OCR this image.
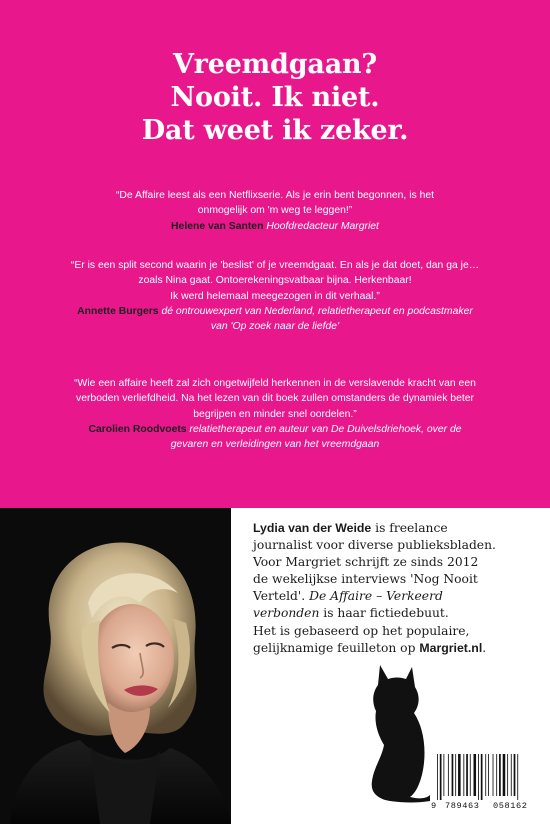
Vreemdgaan?
Nooit. Ik niet.
Dat weet ik zeker.
“De Affaire leest als een Netflixserie. Als je erin bent begonnen, is het
onmogelijk om 'm weg te leggen!”
Helene van Santen Hoofdredacteur Margriet
“Er is een split second waarin je 'beslist' of je vreemdgaat. En als je dat doet, dan ga je…
zoals Nina gaat. Ontoerekeningsvatbaar bijna. Herkenbaar!
Ik werd helemaal meegezogen in dit verhaal.”
Annette Burgers dé ontrouwexpert van Nederland, relatietherapeut en podcastmaker
van 'Op zoek naar de liefde'
“Wie een affaire heeft zal zich ongetwijfeld herkennen in de verslavende kracht van een
verboden verliefdheid. Na het lezen van dit boek zullen omstanders de dynamiek beter
begrijpen en minder snel oordelen.”
Carolien Roodvoets relatietherapeut en auteur van De Duivelsdriehoek, over de
gevaren en verleidingen van het vreemdgaan
Lydia van der Weide is freelance
journalist voor diverse publieksbladen.
Voor Margriet schrijft ze sinds 2012
de wekelijkse interviews 'Nog Nooit
Verteld'. De Affaire – Verkeerd
verbonden is haar fictiedebuut.
Het is gebaseerd op het populaire,
gelijknamige feuilleton op Margriet.nl.
9 789463 058162
